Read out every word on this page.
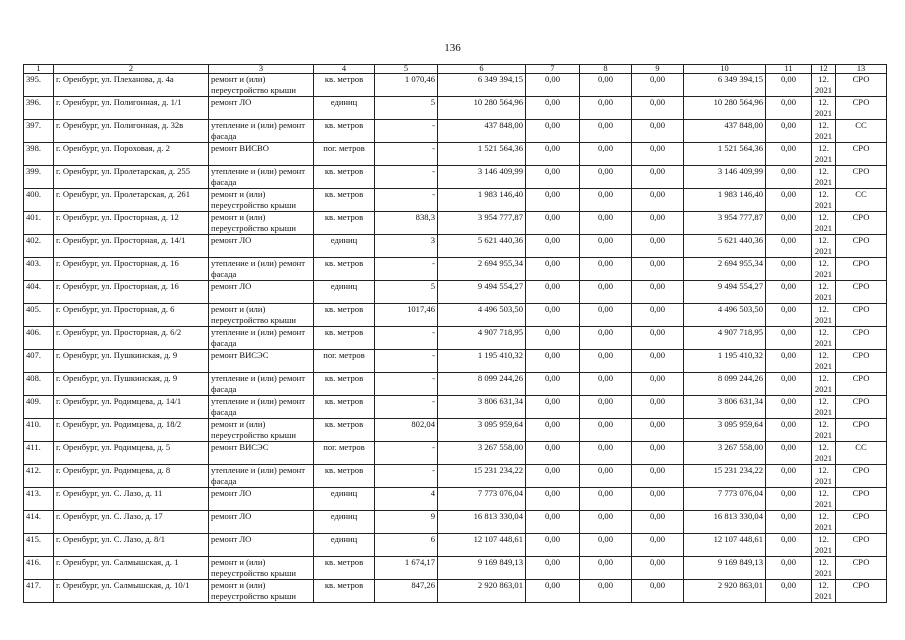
136
1	2	3	4	5	6	7	8	9	10	11	12	13
395.	г. Оренбург, ул. Плеханова, д. 4а	ремонт и (или) переустройство крыши	кв. метров	1 070,46	6 349 394,15	0,00	0,00	0,00	6 349 394,15	0,00	12. 2021	СРО
396.	г. Оренбург, ул. Полигонная, д. 1/1	ремонт ЛО	единиц	5	10 280 564,96	0,00	0,00	0,00	10 280 564,96	0,00	12. 2021	СРО
397.	г. Оренбург, ул. Полигонная, д. 32в	утепление и (или) ремонт фасада	кв. метров	-	437 848,00	0,00	0,00	0,00	437 848,00	0,00	12. 2021	СС
398.	г. Оренбург, ул. Пороховая, д. 2	ремонт ВИСВО	пог. метров	-	1 521 564,36	0,00	0,00	0,00	1 521 564,36	0,00	12. 2021	СРО
399.	г. Оренбург, ул. Пролетарская, д. 255	утепление и (или) ремонт фасада	кв. метров	-	3 146 409,99	0,00	0,00	0,00	3 146 409,99	0,00	12. 2021	СРО
400.	г. Оренбург, ул. Пролетарская, д. 261	ремонт и (или) переустройство крыши	кв. метров	-	1 983 146,40	0,00	0,00	0,00	1 983 146,40	0,00	12. 2021	СС
401.	г. Оренбург, ул. Просторная, д. 12	ремонт и (или) переустройство крыши	кв. метров	838,3	3 954 777,87	0,00	0,00	0,00	3 954 777,87	0,00	12. 2021	СРО
402.	г. Оренбург, ул. Просторная, д. 14/1	ремонт ЛО	единиц	3	5 621 440,36	0,00	0,00	0,00	5 621 440,36	0,00	12. 2021	СРО
403.	г. Оренбург, ул. Просторная, д. 16	утепление и (или) ремонт фасада	кв. метров	-	2 694 955,34	0,00	0,00	0,00	2 694 955,34	0,00	12. 2021	СРО
404.	г. Оренбург, ул. Просторная, д. 16	ремонт ЛО	единиц	5	9 494 554,27	0,00	0,00	0,00	9 494 554,27	0,00	12. 2021	СРО
405.	г. Оренбург, ул. Просторная, д. 6	ремонт и (или) переустройство крыши	кв. метров	1017,46	4 496 503,50	0,00	0,00	0,00	4 496 503,50	0,00	12. 2021	СРО
406.	г. Оренбург, ул. Просторная, д. 6/2	утепление и (или) ремонт фасада	кв. метров	-	4 907 718,95	0,00	0,00	0,00	4 907 718,95	0,00	12. 2021	СРО
407.	г. Оренбург, ул. Пушкинская, д. 9	ремонт ВИСЭС	пог. метров	-	1 195 410,32	0,00	0,00	0,00	1 195 410,32	0,00	12. 2021	СРО
408.	г. Оренбург, ул. Пушкинская, д. 9	утепление и (или) ремонт фасада	кв. метров	-	8 099 244,26	0,00	0,00	0,00	8 099 244,26	0,00	12. 2021	СРО
409.	г. Оренбург, ул. Родимцева, д. 14/1	утепление и (или) ремонт фасада	кв. метров	-	3 806 631,34	0,00	0,00	0,00	3 806 631,34	0,00	12. 2021	СРО
410.	г. Оренбург, ул. Родимцева, д. 18/2	ремонт и (или) переустройство крыши	кв. метров	802,04	3 095 959,64	0,00	0,00	0,00	3 095 959,64	0,00	12. 2021	СРО
411.	г. Оренбург, ул. Родимцева, д. 5	ремонт ВИСЭС	пог. метров	-	3 267 558,00	0,00	0,00	0,00	3 267 558,00	0,00	12. 2021	СС
412.	г. Оренбург, ул. Родимцева, д. 8	утепление и (или) ремонт фасада	кв. метров	-	15 231 234,22	0,00	0,00	0,00	15 231 234,22	0,00	12. 2021	СРО
413.	г. Оренбург, ул. С. Лазо, д. 11	ремонт ЛО	единиц	4	7 773 076,04	0,00	0,00	0,00	7 773 076,04	0,00	12. 2021	СРО
414.	г. Оренбург, ул. С. Лазо, д. 17	ремонт ЛО	единиц	9	16 813 330,04	0,00	0,00	0,00	16 813 330,04	0,00	12. 2021	СРО
415.	г. Оренбург, ул. С. Лазо, д. 8/1	ремонт ЛО	единиц	6	12 107 448,61	0,00	0,00	0,00	12 107 448,61	0,00	12. 2021	СРО
416.	г. Оренбург, ул. Салмышская, д. 1	ремонт и (или) переустройство крыши	кв. метров	1 674,17	9 169 849,13	0,00	0,00	0,00	9 169 849,13	0,00	12. 2021	СРО
417.	г. Оренбург, ул. Салмышская, д. 10/1	ремонт и (или) переустройство крыши	кв. метров	847,26	2 920 863,01	0,00	0,00	0,00	2 920 863,01	0,00	12. 2021	СРО
